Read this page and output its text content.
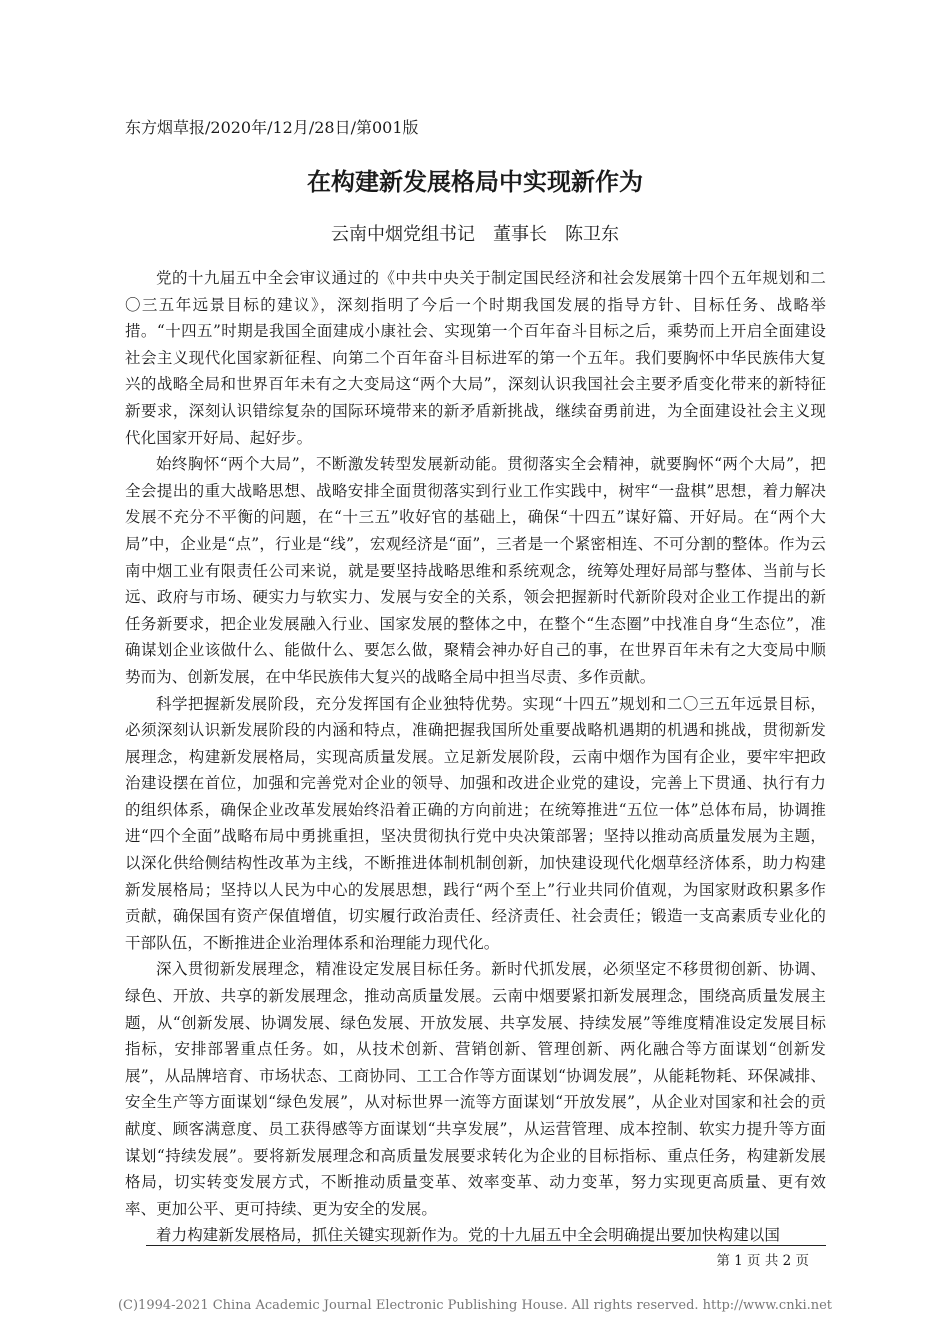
东方烟草报/2020年/12月/28日/第001版
在构建新发展格局中实现新作为
云南中烟党组书记　董事长　陈卫东

党的十九届五中全会审议通过的《中共中央关于制定国民经济和社会发展第十四个五年规划和二〇三五年远景目标的建议》，深刻指明了今后一个时期我国发展的指导方针、目标任务、战略举措。“十四五”时期是我国全面建成小康社会、实现第一个百年奋斗目标之后，乘势而上开启全面建设社会主义现代化国家新征程、向第二个百年奋斗目标进军的第一个五年。我们要胸怀中华民族伟大复兴的战略全局和世界百年未有之大变局这“两个大局”，深刻认识我国社会主要矛盾变化带来的新特征新要求，深刻认识错综复杂的国际环境带来的新矛盾新挑战，继续奋勇前进，为全面建设社会主义现代化国家开好局、起好步。

始终胸怀“两个大局”，不断激发转型发展新动能。贯彻落实全会精神，就要胸怀“两个大局”，把全会提出的重大战略思想、战略安排全面贯彻落实到行业工作实践中，树牢“一盘棋”思想，着力解决发展不充分不平衡的问题，在“十三五”收好官的基础上，确保“十四五”谋好篇、开好局。在“两个大局”中，企业是“点”，行业是“线”，宏观经济是“面”，三者是一个紧密相连、不可分割的整体。作为云南中烟工业有限责任公司来说，就是要坚持战略思维和系统观念，统筹处理好局部与整体、当前与长远、政府与市场、硬实力与软实力、发展与安全的关系，领会把握新时代新阶段对企业工作提出的新任务新要求，把企业发展融入行业、国家发展的整体之中，在整个“生态圈”中找准自身“生态位”，准确谋划企业该做什么、能做什么、要怎么做，聚精会神办好自己的事，在世界百年未有之大变局中顺势而为、创新发展，在中华民族伟大复兴的战略全局中担当尽责、多作贡献。

科学把握新发展阶段，充分发挥国有企业独特优势。实现“十四五”规划和二〇三五年远景目标，必须深刻认识新发展阶段的内涵和特点，准确把握我国所处重要战略机遇期的机遇和挑战，贯彻新发展理念，构建新发展格局，实现高质量发展。立足新发展阶段，云南中烟作为国有企业，要牢牢把政治建设摆在首位，加强和完善党对企业的领导、加强和改进企业党的建设，完善上下贯通、执行有力的组织体系，确保企业改革发展始终沿着正确的方向前进；在统筹推进“五位一体”总体布局，协调推进“四个全面”战略布局中勇挑重担，坚决贯彻执行党中央决策部署；坚持以推动高质量发展为主题，以深化供给侧结构性改革为主线，不断推进体制机制创新，加快建设现代化烟草经济体系，助力构建新发展格局；坚持以人民为中心的发展思想，践行“两个至上”行业共同价值观，为国家财政积累多作贡献，确保国有资产保值增值，切实履行政治责任、经济责任、社会责任；锻造一支高素质专业化的干部队伍，不断推进企业治理体系和治理能力现代化。

深入贯彻新发展理念，精准设定发展目标任务。新时代抓发展，必须坚定不移贯彻创新、协调、绿色、开放、共享的新发展理念，推动高质量发展。云南中烟要紧扣新发展理念，围绕高质量发展主题，从“创新发展、协调发展、绿色发展、开放发展、共享发展、持续发展”等维度精准设定发展目标指标，安排部署重点任务。如，从技术创新、营销创新、管理创新、两化融合等方面谋划“创新发展”，从品牌培育、市场状态、工商协同、工工合作等方面谋划“协调发展”，从能耗物耗、环保减排、安全生产等方面谋划“绿色发展”，从对标世界一流等方面谋划“开放发展”，从企业对国家和社会的贡献度、顾客满意度、员工获得感等方面谋划“共享发展”，从运营管理、成本控制、软实力提升等方面谋划“持续发展”。要将新发展理念和高质量发展要求转化为企业的目标指标、重点任务，构建新发展格局，切实转变发展方式，不断推动质量变革、效率变革、动力变革，努力实现更高质量、更有效率、更加公平、更可持续、更为安全的发展。

着力构建新发展格局，抓住关键实现新作为。党的十九届五中全会明确提出要加快构建以国

第 1 页 共 2 页
(C)1994-2021 China Academic Journal Electronic Publishing House. All rights reserved. http://www.cnki.net
